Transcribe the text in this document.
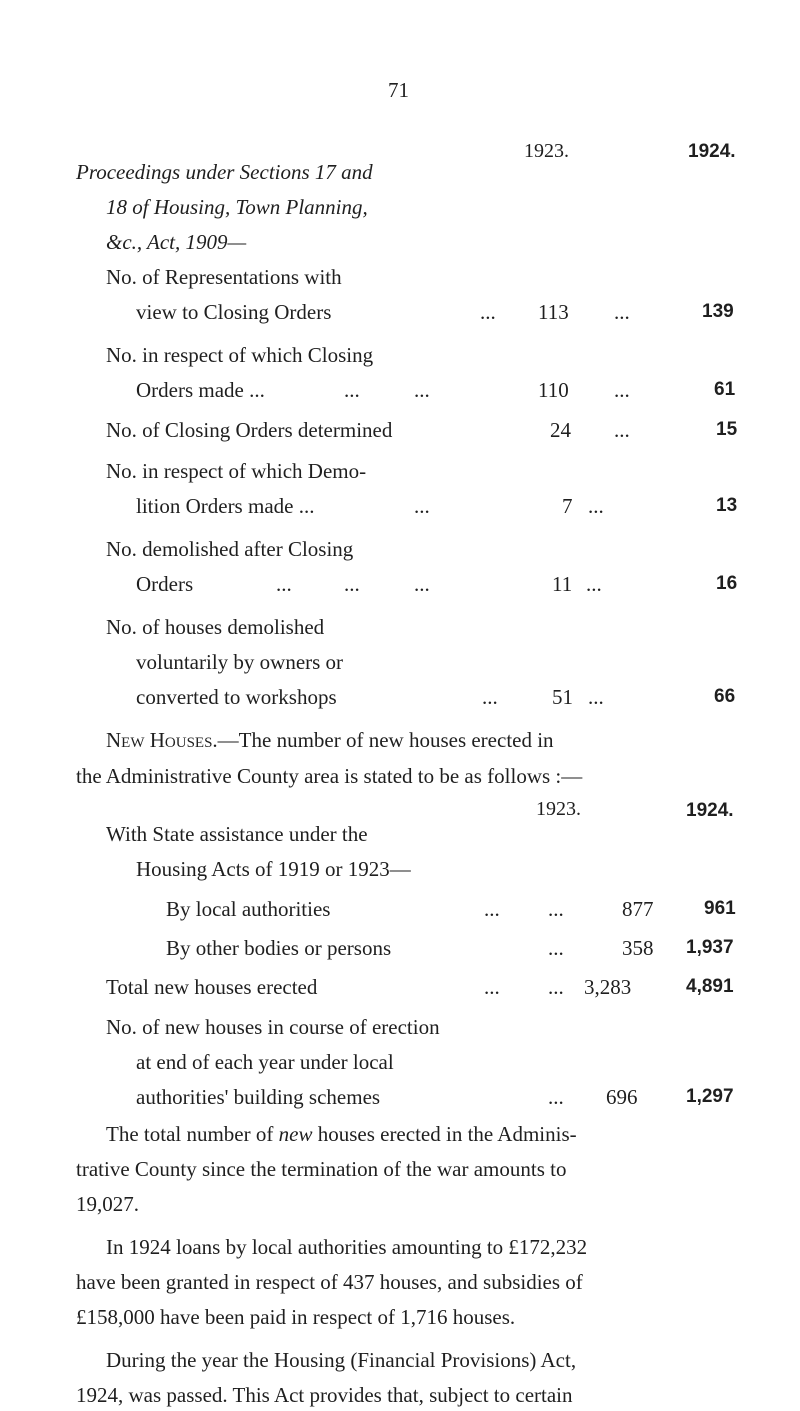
71
1923.	1924.
Proceedings under Sections 17 and
18 of Housing, Town Planning,
&c., Act, 1909—
No. of Representations with
view to Closing Orders	... 113 ...	139
No. in respect of which Closing
Orders made ...	...	...	110 ...	61
No. of Closing Orders determined	24 ...	15
No. in respect of which Demo-
lition Orders made ...	...	7 ...	13
No. demolished after Closing
Orders	... ...	...	11 ...	16
No. of houses demolished
voluntarily by owners or
converted to workshops	...	51 ...	66
New Houses.—The number of new houses erected in
the Administrative County area is stated to be as follows :—
1923.	1924.
With State assistance under the
Housing Acts of 1919 or 1923—
By local authorities	... ...	877	961
By other bodies or persons	...	358 1,937
Total new houses erected	... ... 3,283	4,891
No. of new houses in course of erection
at end of each year under local
authorities' building schemes	... 696	1,297
The total number of new houses erected in the Adminis-
trative County since the termination of the war amounts to
19,027.
In 1924 loans by local authorities amounting to £172,232
have been granted in respect of 437 houses, and subsidies of
£158,000 have been paid in respect of 1,716 houses.
During the year the Housing (Financial Provisions) Act,
1924, was passed. This Act provides that, subject to certain
